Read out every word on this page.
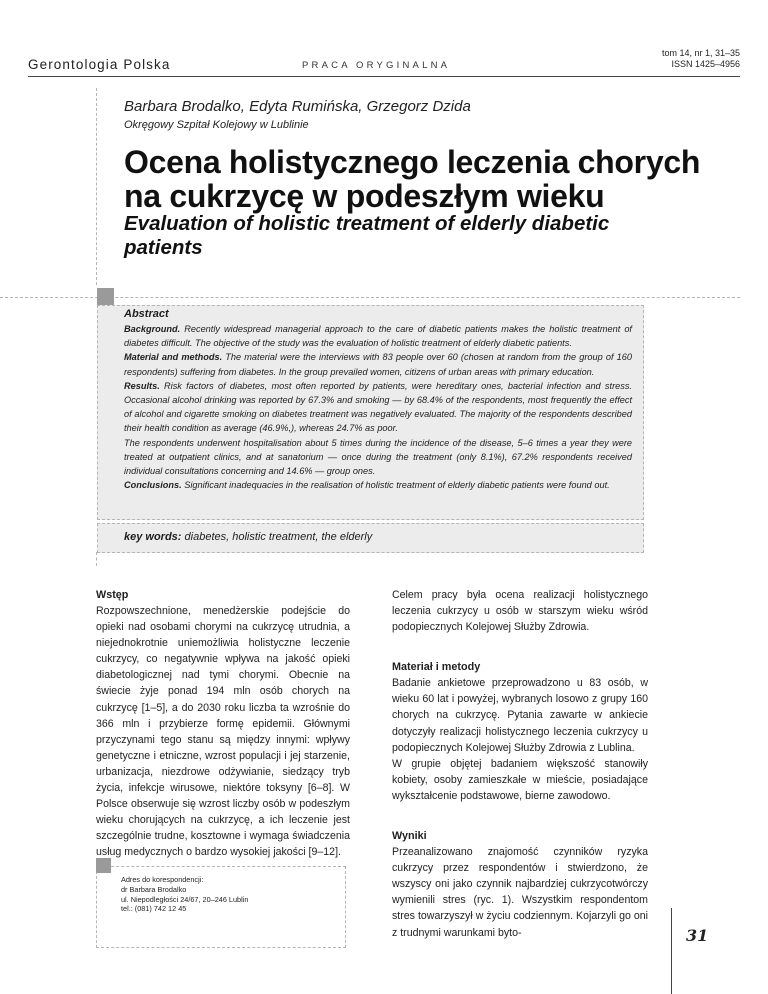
Gerontologia Polska	PRACA ORYGINALNA
tom 14, nr 1, 31–35
ISSN 1425–4956
Barbara Brodalko, Edyta Rumińska, Grzegorz Dzida
Okręgowy Szpitał Kolejowy w Lublinie
Ocena holistycznego leczenia chorych
na cukrzycę w podeszłym wieku
Evaluation of holistic treatment of elderly diabetic
patients
Abstract
Background. Recently widespread managerial approach to the care of diabetic patients makes the holistic treatment of diabetes difficult. The objective of the study was the evaluation of holistic treatment of elderly diabetic patients.
Material and methods. The material were the interviews with 83 people over 60 (chosen at random from the group of 160 respondents) suffering from diabetes. In the group prevailed women, citizens of urban areas with primary education.
Results. Risk factors of diabetes, most often reported by patients, were hereditary ones, bacterial infection and stress. Occasional alcohol drinking was reported by 67.3% and smoking — by 68.4% of the respondents, most frequently the effect of alcohol and cigarette smoking on diabetes treatment was negatively evaluated. The majority of the respondents described their health condition as average (46.9%,), whereas 24.7% as poor.
The respondents underwent hospitalisation about 5 times during the incidence of the disease, 5–6 times a year they were treated at outpatient clinics, and at sanatorium — once during the treatment (only 8.1%), 67.2% respondents received individual consultations concerning and 14.6% — group ones.
Conclusions. Significant inadequacies in the realisation of holistic treatment of elderly diabetic patients were found out.
key words: diabetes, holistic treatment, the elderly
Wstęp

Rozpowszechnione, menedżerskie podejście do opieki nad osobami chorymi na cukrzycę utrudnia, a niejednokrotnie uniemożliwia holistyczne leczenie cukrzycy, co negatywnie wpływa na jakość opieki diabetologicznej nad tymi chorymi. Obecnie na świecie żyje ponad 194 mln osób chorych na cukrzycę [1–5], a do 2030 roku liczba ta wzrośnie do 366 mln i przybierze formę epidemii. Głównymi przyczynami tego stanu są między innymi: wpływy genetyczne i etniczne, wzrost populacji i jej starzenie, urbanizacja, niezdrowe odżywianie, siedzący tryb życia, infekcje wirusowe, niektóre toksyny [6–8]. W Polsce obserwuje się wzrost liczby osób w podeszłym wieku chorujących na cukrzycę, a ich leczenie jest szczególnie trudne, kosztowne i wymaga świadczenia usług medycznych o bardzo wysokiej jakości [9–12].

Adres do korespondencji:
dr Barbara Brodalko
ul. Niepodległości 24/67, 20–246 Lublin
tel.: (081) 742 12 45

Celem pracy była ocena realizacji holistycznego leczenia cukrzycy u osób w starszym wieku wśród podopiecznych Kolejowej Służby Zdrowia.

Materiał i metody

Badanie ankietowe przeprowadzono u 83 osób, w wieku 60 lat i powyżej, wybranych losowo z grupy 160 chorych na cukrzycę. Pytania zawarte w ankiecie dotyczyły realizacji holistycznego leczenia cukrzycy u podopiecznych Kolejowej Służby Zdrowia z Lublina.

W grupie objętej badaniem większość stanowiły kobiety, osoby zamieszkałe w mieście, posiadające wykształcenie podstawowe, bierne zawodowo.

Wyniki

Przeanalizowano znajomość czynników ryzyka cukrzycy przez respondentów i stwierdzono, że wszyscy oni jako czynnik najbardziej cukrzycotwórczy wymienili stres (ryc. 1). Wszystkim respondentom stres towarzyszył w życiu codziennym. Kojarzyli go oni z trudnymi warunkami byto-	31
